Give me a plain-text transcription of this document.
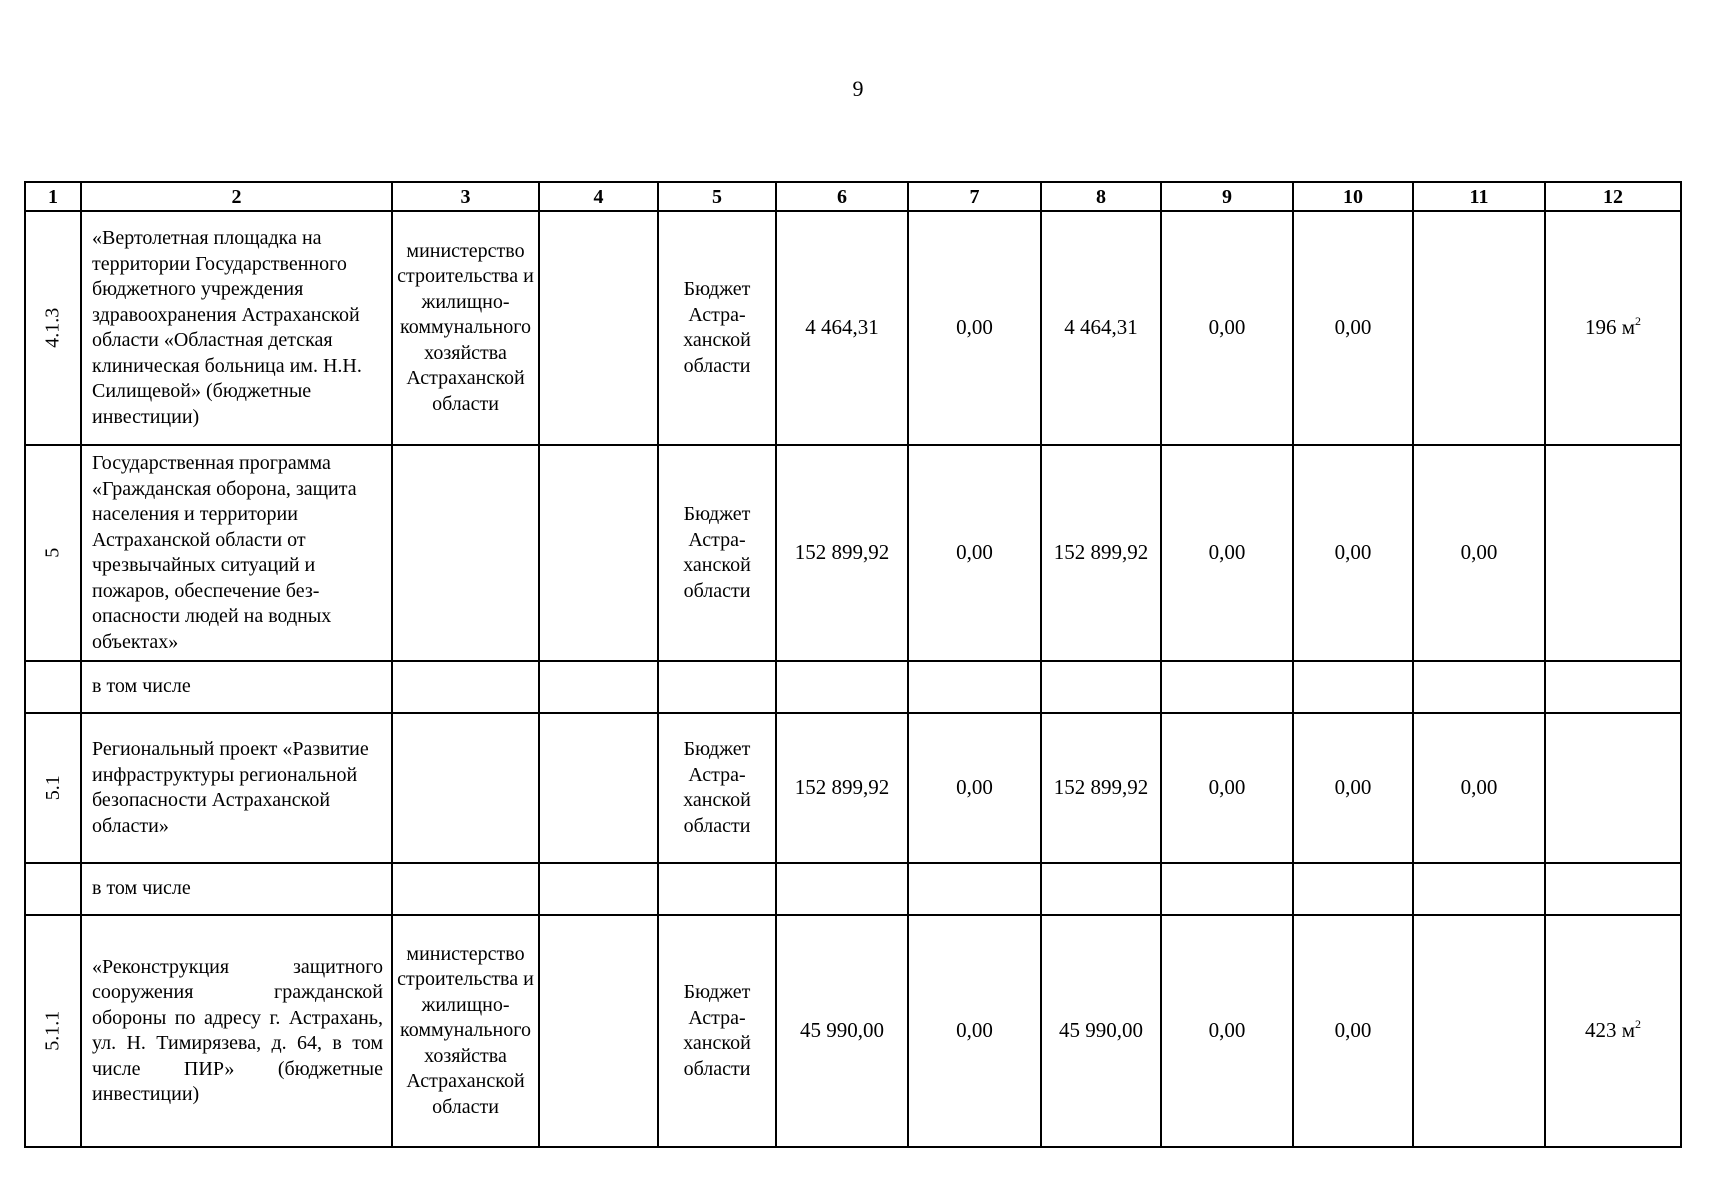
9
1	2	3	4	5	6	7	8	9	10	11	12
4.1.3	«Вертолетная площадка на территории Государственного бюджетного учреждения здравоохранения Астраханской области «Областная детская клиническая больница им. Н.Н. Силищевой» (бюджетные инвестиции)	министерство строительства и жилищно-коммунального хозяйства Астраханской области		Бюджет Астраханской области	4 464,31	0,00	4 464,31	0,00	0,00		196 $м^2$
5	Государственная программа «Гражданская оборона, защита населения и территории Астраханской области от чрезвычайных ситуаций и пожаров, обеспечение безопасности людей на водных объектах»			Бюджет Астраханской области	152 899,92	0,00	152 899,92	0,00	0,00	0,00	
	в том числе										
5.1	Региональный проект «Развитие инфраструктуры региональной безопасности Астраханской области»			Бюджет Астраханской области	152 899,92	0,00	152 899,92	0,00	0,00	0,00	
	в том числе										
5.1.1	«Реконструкция защитного сооружения гражданской обороны по адресу г. Астрахань, ул. Н. Тимирязева, д. 64, в том числе ПИР» (бюджетные инвестиции)	министерство строительства и жилищно-коммунального хозяйства Астраханской области		Бюджет Астраханской области	45 990,00	0,00	45 990,00	0,00	0,00		423 $м^2$
